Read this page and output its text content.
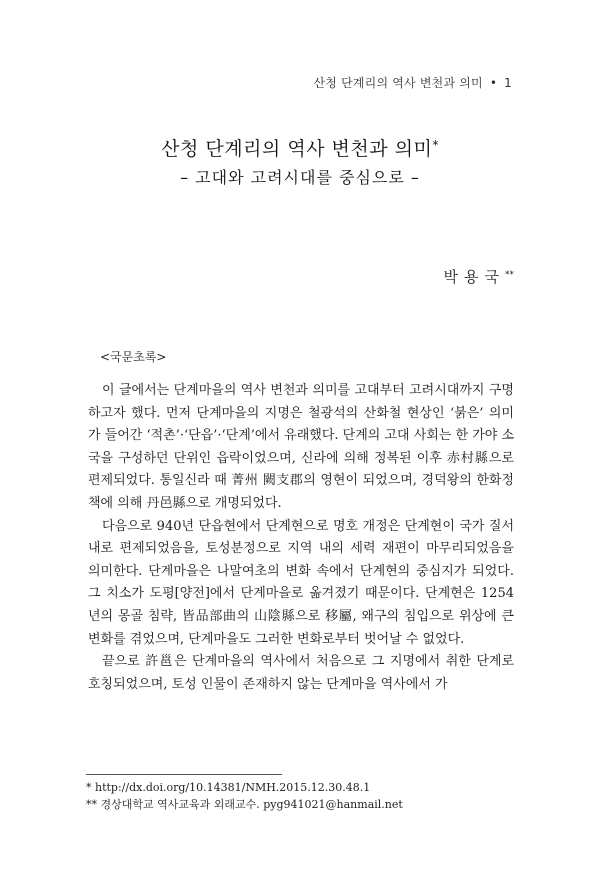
산청 단계리의 역사 변천과 의미 • 1
산청 단계리의 역사 변천과 의미*
– 고대와 고려시대를 중심으로 –
박용국**
<국문초록>

이 글에서는 단계마을의 역사 변천과 의미를 고대부터 고려시대까지 구명하고자 했다. 먼저 단계마을의 지명은 철광석의 산화철 현상인 ‘붉은’ 의미가 들어간 ‘적촌’·‘단읍’·‘단계’에서 유래했다. 단계의 고대 사회는 한 가야 소국을 구성하던 단위인 읍락이었으며, 신라에 의해 정복된 이후 赤村縣으로 편제되었다. 통일신라 때 菁州 闕支郡의 영현이 되었으며, 경덕왕의 한화정책에 의해 丹邑縣으로 개명되었다.

다음으로 940년 단읍현에서 단계현으로 명호 개정은 단계현이 국가 질서 내로 편제되었음을, 토성분정으로 지역 내의 세력 재편이 마무리되었음을 의미한다. 단계마을은 나말여초의 변화 속에서 단계현의 중심지가 되었다. 그 치소가 도평[양전]에서 단계마을로 옮겨졌기 때문이다. 단계현은 1254년의 몽골 침략, 皆品部曲의 山陰縣으로 移屬, 왜구의 침입으로 위상에 큰 변화를 겪었으며, 단계마을도 그러한 변화로부터 벗어날 수 없었다.

끝으로 許邕은 단계마을의 역사에서 처음으로 그 지명에서 취한 단계로 호칭되었으며, 토성 인물이 존재하지 않는 단계마을 역사에서 가

* http://dx.doi.org/10.14381/NMH.2015.12.30.48.1
** 경상대학교 역사교육과 외래교수. pyg941021@hanmail.net
